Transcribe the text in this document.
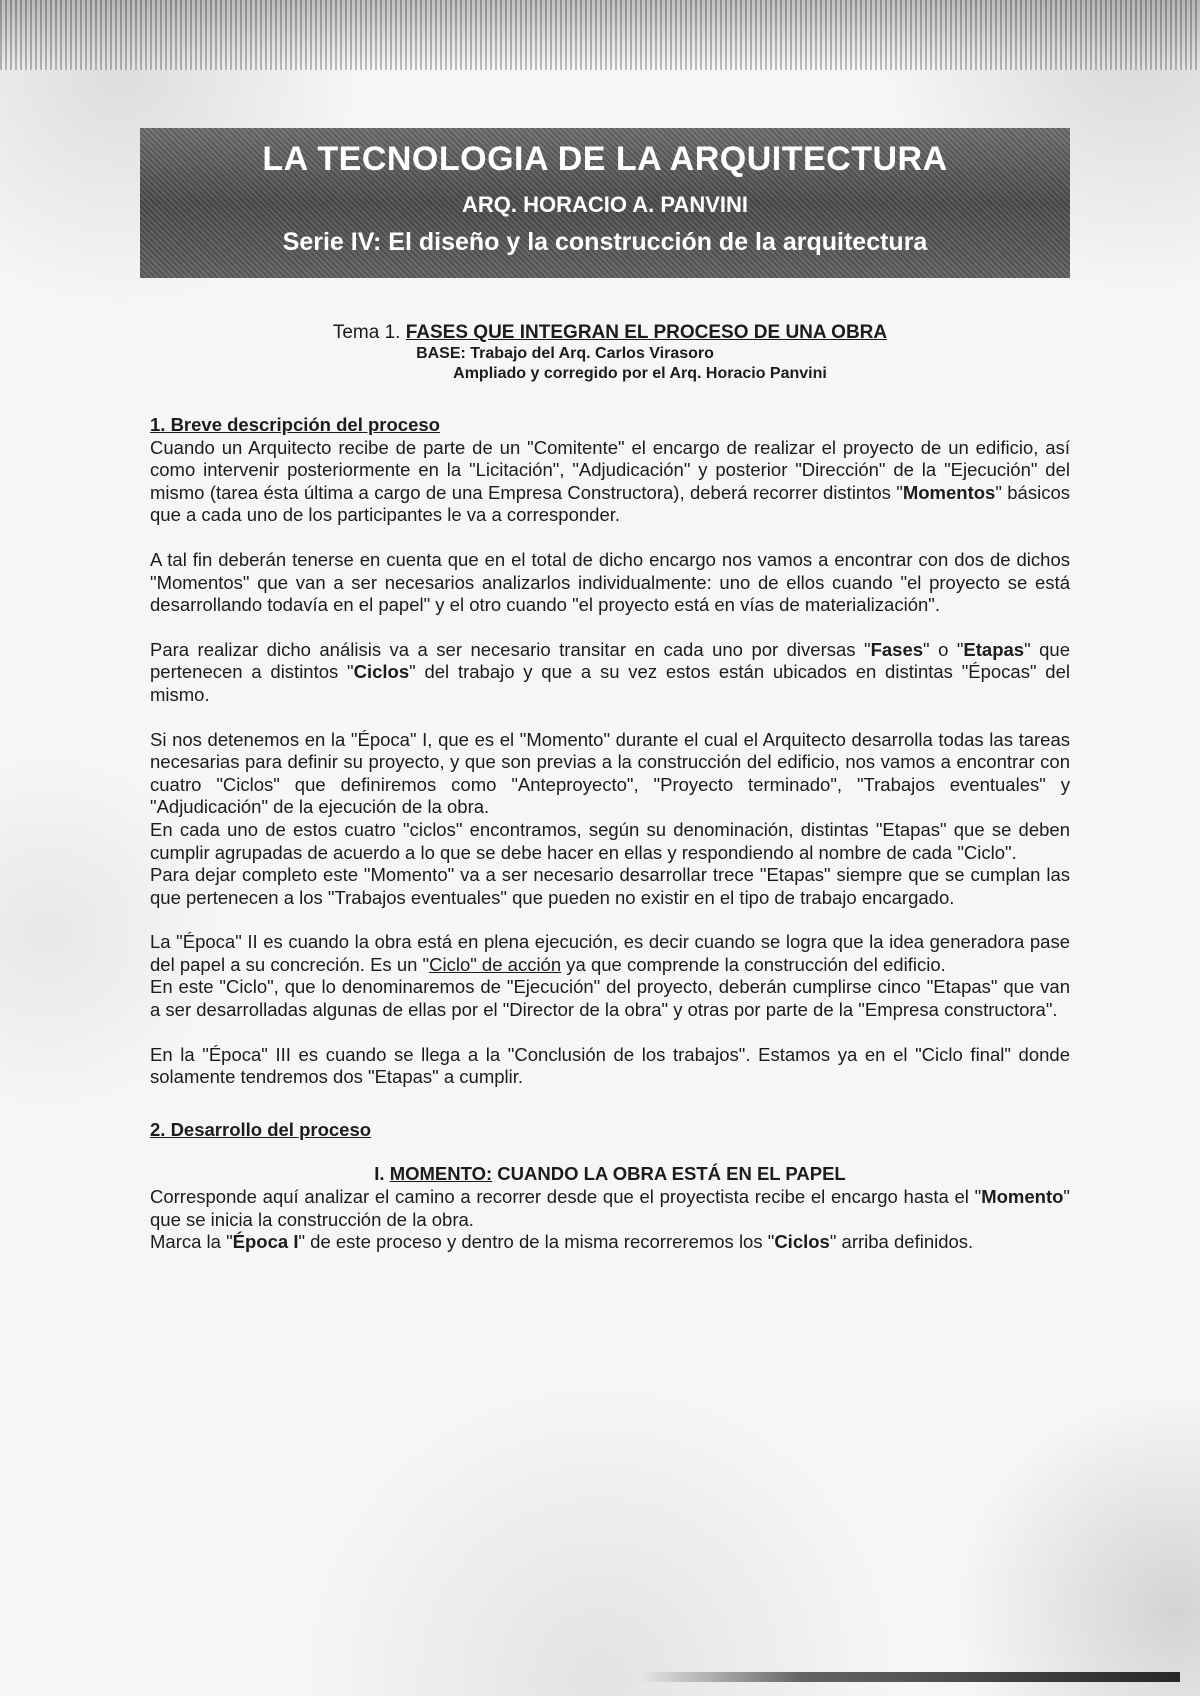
LA TECNOLOGIA DE LA ARQUITECTURA
ARQ. HORACIO A. PANVINI
Serie IV: El diseño y la construcción de la arquitectura
Tema 1. FASES QUE INTEGRAN EL PROCESO DE UNA OBRA
BASE: Trabajo del Arq. Carlos Virasoro
Ampliado y corregido por el Arq. Horacio Panvini
1. Breve descripción del proceso

Cuando un Arquitecto recibe de parte de un "Comitente" el encargo de realizar el proyecto de un edificio, así como intervenir posteriormente en la "Licitación", "Adjudicación" y posterior "Dirección" de la "Ejecución" del mismo (tarea ésta última a cargo de una Empresa Constructora), deberá recorrer distintos "Momentos" básicos que a cada uno de los participantes le va a corresponder.

A tal fin deberán tenerse en cuenta que en el total de dicho encargo nos vamos a encontrar con dos de dichos "Momentos" que van a ser necesarios analizarlos individualmente: uno de ellos cuando "el proyecto se está desarrollando todavía en el papel" y el otro cuando "el proyecto está en vías de materialización".

Para realizar dicho análisis va a ser necesario transitar en cada uno por diversas "Fases" o "Etapas" que pertenecen a distintos "Ciclos" del trabajo y que a su vez estos están ubicados en distintas "Épocas" del mismo.

Si nos detenemos en la "Época" I, que es el "Momento" durante el cual el Arquitecto desarrolla todas las tareas necesarias para definir su proyecto, y que son previas a la construcción del edificio, nos vamos a encontrar con cuatro "Ciclos" que definiremos como "Anteproyecto", "Proyecto terminado", "Trabajos eventuales" y "Adjudicación" de la ejecución de la obra.

En cada uno de estos cuatro "ciclos" encontramos, según su denominación, distintas "Etapas" que se deben cumplir agrupadas de acuerdo a lo que se debe hacer en ellas y respondiendo al nombre de cada "Ciclo".

Para dejar completo este "Momento" va a ser necesario desarrollar trece "Etapas" siempre que se cumplan las que pertenecen a los "Trabajos eventuales" que pueden no existir en el tipo de trabajo encargado.

La "Época" II es cuando la obra está en plena ejecución, es decir cuando se logra que la idea generadora pase del papel a su concreción. Es un "Ciclo" de acción ya que comprende la construcción del edificio.

En este "Ciclo", que lo denominaremos de "Ejecución" del proyecto, deberán cumplirse cinco "Etapas" que van a ser desarrolladas algunas de ellas por el "Director de la obra" y otras por parte de la "Empresa constructora".

En la "Época" III es cuando se llega a la "Conclusión de los trabajos". Estamos ya en el "Ciclo final" donde solamente tendremos dos "Etapas" a cumplir.

2. Desarrollo del proceso
I. MOMENTO: CUANDO LA OBRA ESTÁ EN EL PAPEL

Corresponde aquí analizar el camino a recorrer desde que el proyectista recibe el encargo hasta el "Momento" que se inicia la construcción de la obra.

Marca la "Época I" de este proceso y dentro de la misma recorreremos los "Ciclos" arriba definidos.
